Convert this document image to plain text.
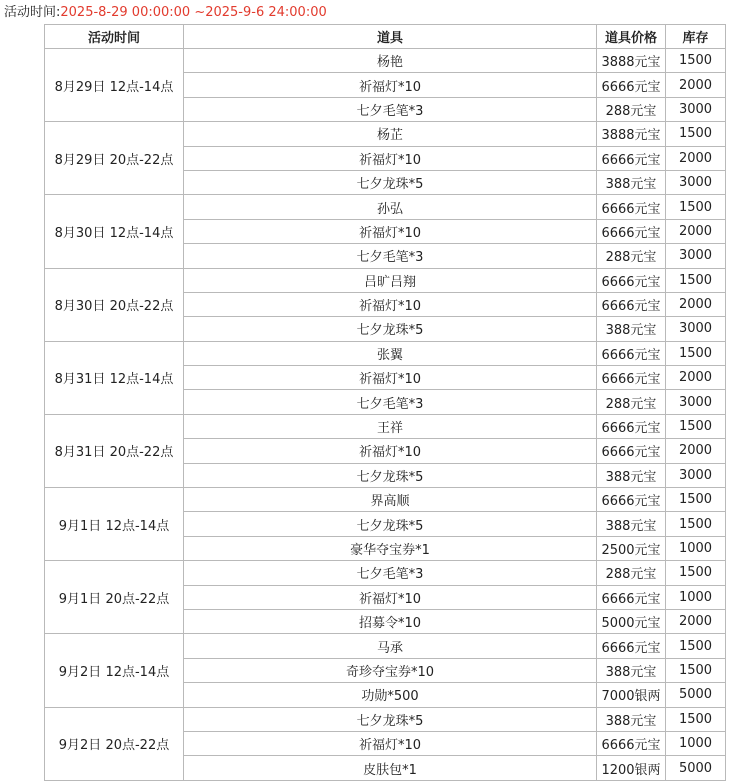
活动时间:2025-8-29 00:00:00 ~2025-9-6 24:00:00
活动时间	道具	道具价格	库存
8月29日 12点-14点	杨艳	3888元宝	1500
	祈福灯*10	6666元宝	2000
	七夕毛笔*3	288元宝	3000
8月29日 20点-22点	杨芷	3888元宝	1500
	祈福灯*10	6666元宝	2000
	七夕龙珠*5	388元宝	3000
8月30日 12点-14点	孙弘	6666元宝	1500
	祈福灯*10	6666元宝	2000
	七夕毛笔*3	288元宝	3000
8月30日 20点-22点	吕旷吕翔	6666元宝	1500
	祈福灯*10	6666元宝	2000
	七夕龙珠*5	388元宝	3000
8月31日 12点-14点	张翼	6666元宝	1500
	祈福灯*10	6666元宝	2000
	七夕毛笔*3	288元宝	3000
8月31日 20点-22点	王祥	6666元宝	1500
	祈福灯*10	6666元宝	2000
	七夕龙珠*5	388元宝	3000
9月1日 12点-14点	界高顺	6666元宝	1500
	七夕龙珠*5	388元宝	1500
	豪华夺宝券*1	2500元宝	1000
9月1日 20点-22点	七夕毛笔*3	288元宝	1500
	祈福灯*10	6666元宝	1000
	招募令*10	5000元宝	2000
9月2日 12点-14点	马承	6666元宝	1500
	奇珍夺宝券*10	388元宝	1500
	功勋*500	7000银两	5000
9月2日 20点-22点	七夕龙珠*5	388元宝	1500
	祈福灯*10	6666元宝	1000
	皮肤包*1	1200银两	5000
